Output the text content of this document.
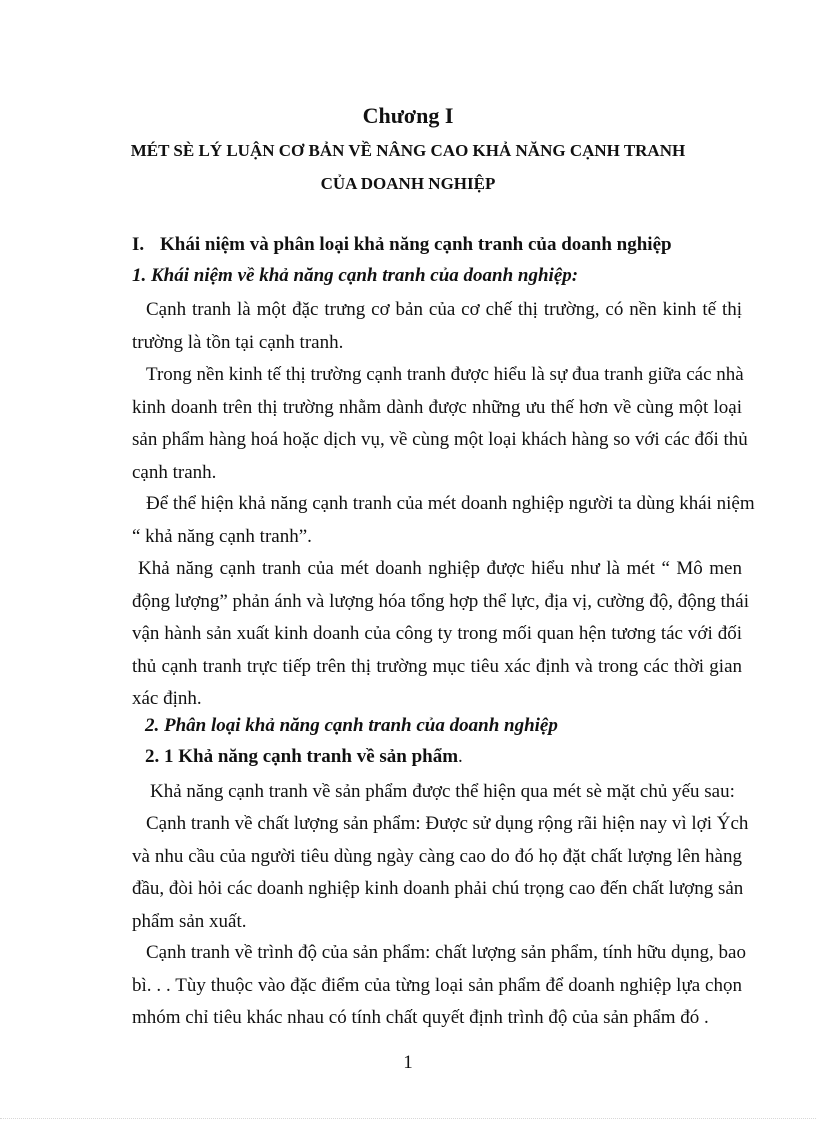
Chương I
MÉT SÈ LÝ LUẬN CƠ BẢN VỀ NÂNG CAO KHẢ NĂNG CẠNH TRANH
CỦA DOANH NGHIỆP
I. Khái niệm và phân loại khả năng cạnh tranh của doanh nghiệp
1. Khái niệm về khả năng cạnh tranh của doanh nghiệp:
Cạnh tranh là một đặc trưng cơ bản của cơ chế thị trường, có nền kinh tế thị
trường là tồn tại cạnh tranh.
Trong nền kinh tế thị trường cạnh tranh được hiểu là sự đua tranh giữa các nhà
kinh doanh trên thị trường nhằm dành được những ưu thế hơn về cùng một loại
sản phẩm hàng hoá hoặc dịch vụ, về cùng một loại khách hàng so với các đối thủ
cạnh tranh.
Để thể hiện khả năng cạnh tranh của mét doanh nghiệp người ta dùng khái niệm
“ khả năng cạnh tranh”.
Khả năng cạnh tranh của mét doanh nghiệp được hiểu như là mét “ Mô men
động lượng” phản ánh và lượng hóa tổng hợp thể lực, địa vị, cường độ, động thái
vận hành sản xuất kinh doanh của công ty trong mối quan hện tương tác với đối
thủ cạnh tranh trực tiếp trên thị trường mục tiêu xác định và trong các thời gian
xác định.
2. Phân loại khả năng cạnh tranh của doanh nghiệp
2. 1 Khả năng cạnh tranh về sản phẩm.
Khả năng cạnh tranh về sản phẩm được thể hiện qua mét sè mặt chủ yếu sau:
Cạnh tranh về chất lượng sản phẩm: Được sử dụng rộng rãi hiện nay vì lợi Ých
và nhu cầu của người tiêu dùng ngày càng cao do đó họ đặt chất lượng lên hàng
đầu, đòi hỏi các doanh nghiệp kinh doanh phải chú trọng cao đến chất lượng sản
phẩm sản xuất.
Cạnh tranh về trình độ của sản phẩm: chất lượng sản phẩm, tính hữu dụng, bao
bì. . . Tùy thuộc vào đặc điểm của từng loại sản phẩm để doanh nghiệp lựa chọn
mhóm chỉ tiêu khác nhau có tính chất quyết định trình độ của sản phẩm đó .
1
